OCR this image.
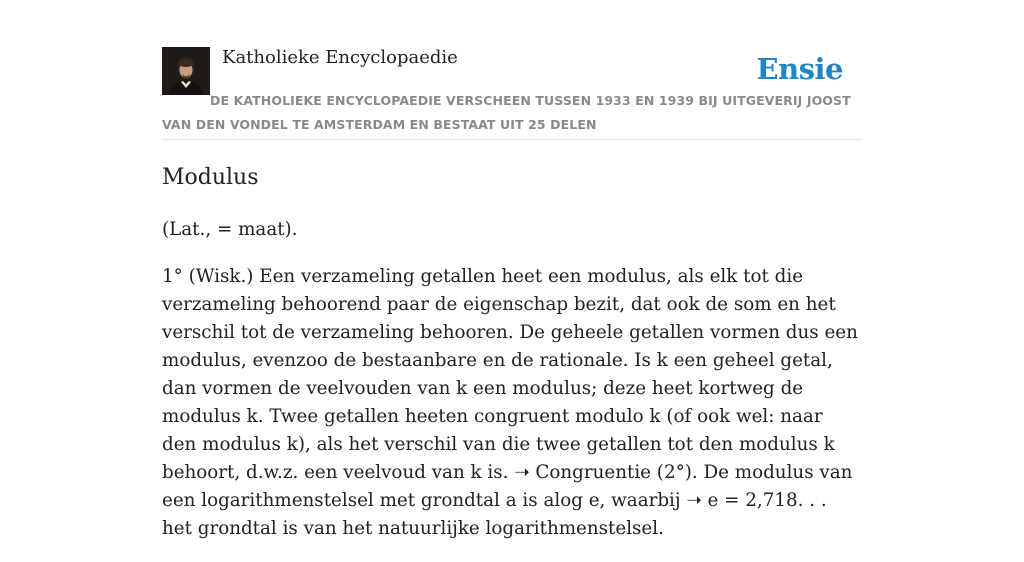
Katholieke Encyclopaedie	Ensie

DE KATHOLIEKE ENCYCLOPAEDIE VERSCHEEN TUSSEN 1933 EN 1939 BIJ UITGEVERIJ JOOST VAN DEN VONDEL TE AMSTERDAM EN BESTAAT UIT 25 DELEN

Modulus

(Lat., = maat).

1° (Wisk.) Een verzameling getallen heet een modulus, als elk tot die verzameling behoorend paar de eigenschap bezit, dat ook de som en het verschil tot de verzameling behooren. De geheele getallen vormen dus een modulus, evenzoo de bestaanbare en de rationale. Is k een geheel getal, dan vormen de veelvouden van k een modulus; deze heet kortweg de modulus k. Twee getallen heeten congruent modulo k (of ook wel: naar den modulus k), als het verschil van die twee getallen tot den modulus k behoort, d.w.z. een veelvoud van k is. ➝ Congruentie (2°). De modulus van een logarithmenstelsel met grondtal a is alog e, waarbij ➝ e = 2,718. . . het grondtal is van het natuurlijke logarithmenstelsel.
